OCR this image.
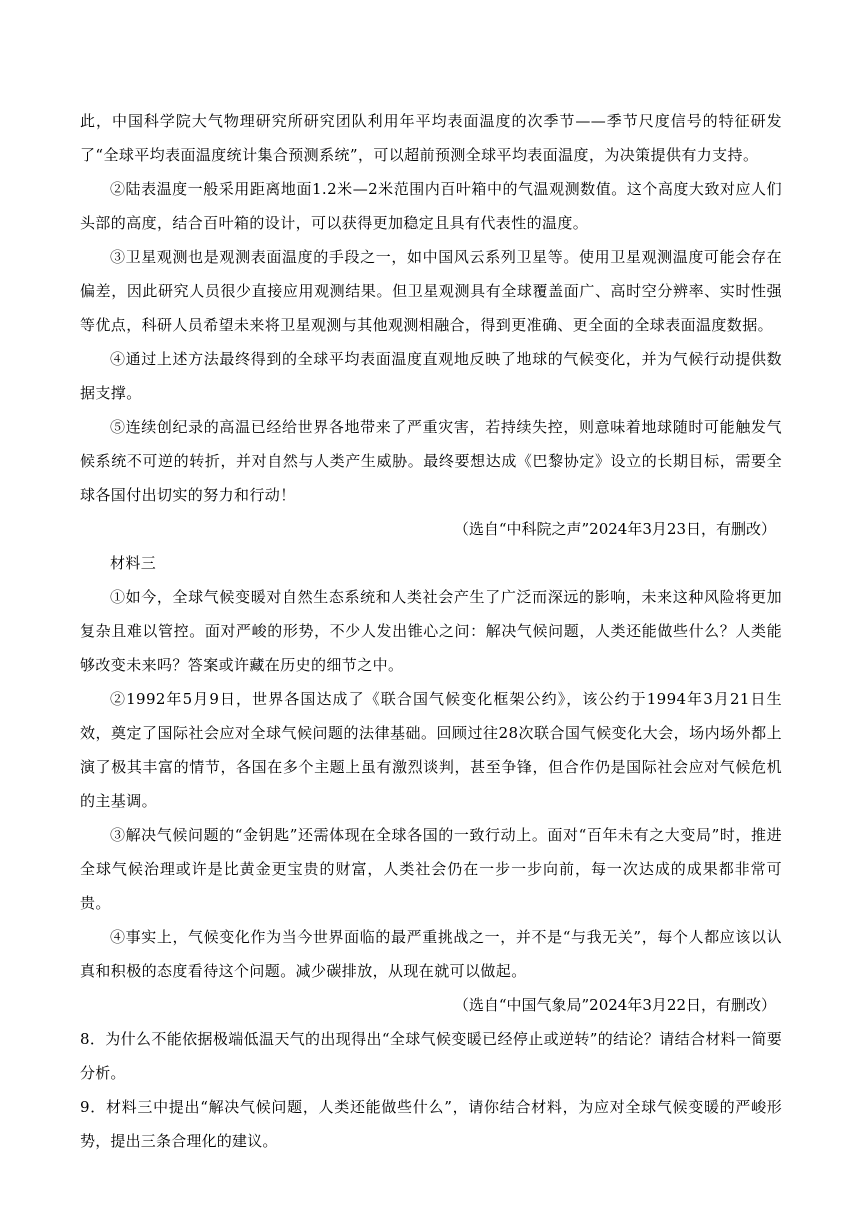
此，中国科学院大气物理研究所研究团队利用年平均表面温度的次季节——季节尺度信号的特征研发了“全球平均表面温度统计集合预测系统”，可以超前预测全球平均表面温度，为决策提供有力支持。

②陆表温度一般采用距离地面1.2米—2米范围内百叶箱中的气温观测数值。这个高度大致对应人们头部的高度，结合百叶箱的设计，可以获得更加稳定且具有代表性的温度。

③卫星观测也是观测表面温度的手段之一，如中国风云系列卫星等。使用卫星观测温度可能会存在偏差，因此研究人员很少直接应用观测结果。但卫星观测具有全球覆盖面广、高时空分辨率、实时性强等优点，科研人员希望未来将卫星观测与其他观测相融合，得到更准确、更全面的全球表面温度数据。

④通过上述方法最终得到的全球平均表面温度直观地反映了地球的气候变化，并为气候行动提供数据支撑。

⑤连续创纪录的高温已经给世界各地带来了严重灾害，若持续失控，则意味着地球随时可能触发气候系统不可逆的转折，并对自然与人类产生威胁。最终要想达成《巴黎协定》设立的长期目标，需要全球各国付出切实的努力和行动！

（选自“中科院之声”2024年3月23日，有删改）

材料三

①如今，全球气候变暖对自然生态系统和人类社会产生了广泛而深远的影响，未来这种风险将更加复杂且难以管控。面对严峻的形势，不少人发出锥心之问：解决气候问题，人类还能做些什么？人类能够改变未来吗？答案或许藏在历史的细节之中。

②1992年5月9日，世界各国达成了《联合国气候变化框架公约》，该公约于1994年3月21日生效，奠定了国际社会应对全球气候问题的法律基础。回顾过往28次联合国气候变化大会，场内场外都上演了极其丰富的情节，各国在多个主题上虽有激烈谈判，甚至争锋，但合作仍是国际社会应对气候危机的主基调。

③解决气候问题的“金钥匙”还需体现在全球各国的一致行动上。面对“百年未有之大变局”时，推进全球气候治理或许是比黄金更宝贵的财富，人类社会仍在一步一步向前，每一次达成的成果都非常可贵。

④事实上，气候变化作为当今世界面临的最严重挑战之一，并不是“与我无关”，每个人都应该以认真和积极的态度看待这个问题。减少碳排放，从现在就可以做起。

（选自“中国气象局”2024年3月22日，有删改）

8．为什么不能依据极端低温天气的出现得出“全球气候变暖已经停止或逆转”的结论？请结合材料一简要分析。

9．材料三中提出“解决气候问题，人类还能做些什么”，请你结合材料，为应对全球气候变暖的严峻形势，提出三条合理化的建议。
